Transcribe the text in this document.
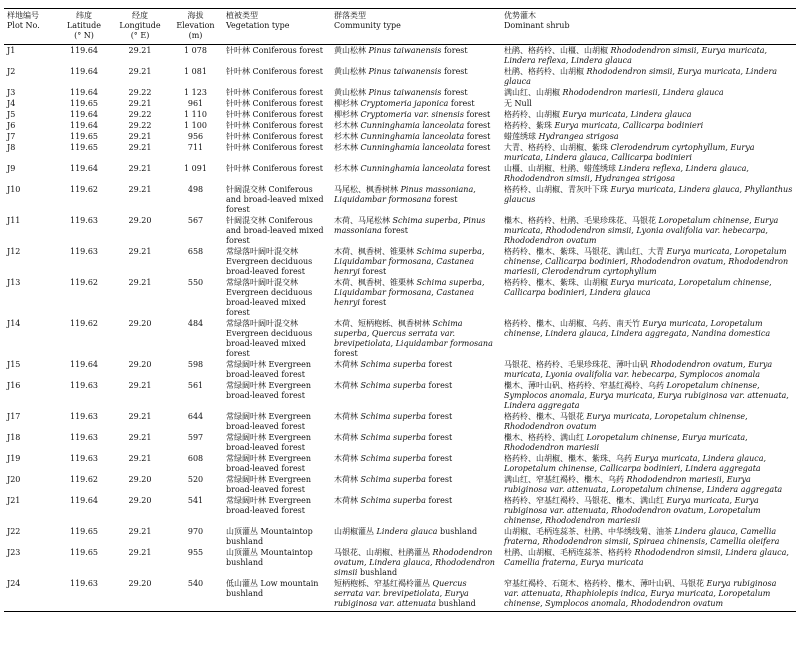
样地编号
Plot No.	纬度
Latitude
(° N)	经度
Longitude
(° E)	海拔
Elevation
(m)	植被类型
Vegetation type	群落类型
Community type	优势灌木
Dominant shrub
J1	119.64	29.21	1 078	针叶林 Coniferous forest	黄山松林 Pinus taiwanensis forest	杜鹃、格药柃、山橿、山胡椒 Rhododendron simsii, Eurya muricata, Lindera reflexa, Lindera glauca
J2	119.64	29.21	1 081	针叶林 Coniferous forest	黄山松林 Pinus taiwanensis forest	杜鹃、格药柃、山胡椒 Rhododendron simsii, Eurya muricata, Lindera glauca
J3	119.64	29.22	1 123	针叶林 Coniferous forest	黄山松林 Pinus taiwanensis forest	满山红、山胡椒 Rhododendron mariesii, Lindera glauca
J4	119.65	29.21	961	针叶林 Coniferous forest	柳杉林 Cryptomeria japonica forest	无 Null
J5	119.64	29.22	1 110	针叶林 Coniferous forest	柳杉林 Cryptomeria var. sinensis forest	格药柃、山胡椒 Eurya muricata, Lindera glauca
J6	119.64	29.22	1 100	针叶林 Coniferous forest	杉木林 Cunninghamia lanceolata forest	格药柃、紫珠 Eurya muricata, Callicarpa bodinieri
J7	119.65	29.21	956	针叶林 Coniferous forest	杉木林 Cunninghamia lanceolata forest	蜡莲绣球 Hydrangea strigosa
J8	119.65	29.21	711	针叶林 Coniferous forest	杉木林 Cunninghamia lanceolata forest	大青、格药柃、山胡椒、紫珠 Clerodendrum cyrtophyllum, Eurya muricata, Lindera glauca, Callicarpa bodinieri
J9	119.64	29.21	1 091	针叶林 Coniferous forest	杉木林 Cunninghamia lanceolata forest	山橿、山胡椒、杜鹃、蜡莲绣球 Lindera reflexa, Lindera glauca, Rhododendron simsii, Hydrangea strigosa
J10	119.62	29.21	498	针阔混交林 Coniferous and broad-leaved mixed forest	马尾松、枫香树林 Pinus massoniana, Liquidambar formosana forest	格药柃、山胡椒、青灰叶下珠 Eurya muricata, Lindera glauca, Phyllanthus glaucus
J11	119.63	29.20	567	针阔混交林 Coniferous and broad-leaved mixed forest	木荷、马尾松林 Schima superba, Pinus massoniana forest	檵木、格药柃、杜鹃、毛果珍珠花、马银花 Loropetalum chinense, Eurya muricata, Rhododendron simsii, Lyonia ovalifolia var. hebecarpa, Rhododendron ovatum
J12	119.63	29.21	658	常绿落叶阔叶混交林 Evergreen deciduous broad-leaved forest	木荷、枫香树、锥栗林 Schima superba, Liquidambar formosana, Castanea henryi forest	格药柃、檵木、紫珠、马银花、满山红、大青 Eurya muricata, Loropetalum chinense, Callicarpa bodinieri, Rhododendron ovatum, Rhododendron mariesii, Clerodendrum cyrtophyllum
J13	119.62	29.21	550	常绿落叶阔叶混交林 Evergreen deciduous broad-leaved mixed forest	木荷、枫香树、锥栗林 Schima superba, Liquidambar formosana, Castanea henryi forest	格药柃、檵木、紫珠、山胡椒 Eurya muricata, Loropetalum chinense, Callicarpa bodinieri, Lindera glauca
J14	119.62	29.20	484	常绿落叶阔叶混交林 Evergreen deciduous broad-leaved mixed forest	木荷、短柄枹栎、枫香树林 Schima superba, Quercus serrata var. brevipetiolata, Liquidambar formosana forest	格药柃、檵木、山胡椒、乌药、南天竹 Eurya muricata, Loropetalum chinense, Lindera glauca, Lindera aggregata, Nandina domestica
J15	119.64	29.20	598	常绿阔叶林 Evergreen broad-leaved forest	木荷林 Schima superba forest	马银花、格药柃、毛果珍珠花、薄叶山矾 Rhododendron ovatum, Eurya muricata, Lyonia ovalifolia var. hebecarpa, Symplocos anomala
J16	119.63	29.21	561	常绿阔叶林 Evergreen broad-leaved forest	木荷林 Schima superba forest	檵木、薄叶山矾、格药柃、窄基红褐柃、乌药 Loropetalum chinense, Symplocos anomala, Eurya muricata, Eurya rubiginosa var. attenuata, Lindera aggregata
J17	119.63	29.21	644	常绿阔叶林 Evergreen broad-leaved forest	木荷林 Schima superba forest	格药柃、檵木、马银花 Eurya muricata, Loropetalum chinense, Rhododendron ovatum
J18	119.63	29.21	597	常绿阔叶林 Evergreen broad-leaved forest	木荷林 Schima superba forest	檵木、格药柃、满山红 Loropetalum chinense, Eurya muricata, Rhododendron mariesii
J19	119.63	29.21	608	常绿阔叶林 Evergreen broad-leaved forest	木荷林 Schima superba forest	格药柃、山胡椒、檵木、紫珠、乌药 Eurya muricata, Lindera glauca, Loropetalum chinense, Callicarpa bodinieri, Lindera aggregata
J20	119.62	29.20	520	常绿阔叶林 Evergreen broad-leaved forest	木荷林 Schima superba forest	满山红、窄基红褐柃、檵木、乌药 Rhododendron mariesii, Eurya rubiginosa var. attenuata, Loropetalum chinense, Lindera aggregata
J21	119.64	29.20	541	常绿阔叶林 Evergreen broad-leaved forest	木荷林 Schima superba forest	格药柃、窄基红褐柃、马银花、檵木、满山红 Eurya muricata, Eurya rubiginosa var. attenuata, Rhododendron ovatum, Loropetalum chinense, Rhododendron mariesii
J22	119.65	29.21	970	山顶灌丛 Mountaintop bushland	山胡椒灌丛 Lindera glauca bushland	山胡椒、毛柄连蕊茶、杜鹃、中华绣线菊、油茶 Lindera glauca, Camellia fraterna, Rhododendron simsii, Spiraea chinensis, Camellia oleifera
J23	119.65	29.21	955	山顶灌丛 Mountaintop bushland	马银花、山胡椒、杜鹃灌丛 Rhododendron ovatum, Lindera glauca, Rhododendron simsii bushland	杜鹃、山胡椒、毛柄连蕊茶、格药柃 Rhododendron simsii, Lindera glauca, Camellia fraterna, Eurya muricata
J24	119.63	29.20	540	低山灌丛 Low mountain bushland	短柄枹栎、窄基红褐柃灌丛 Quercus serrata var. brevipetiolata, Eurya rubiginosa var. attenuata bushland	窄基红褐柃、石斑木、格药柃、檵木、薄叶山矾、马银花 Eurya rubiginosa var. attenuata, Rhaphiolepis indica, Eurya muricata, Loropetalum chinense, Symplocos anomala, Rhododendron ovatum
